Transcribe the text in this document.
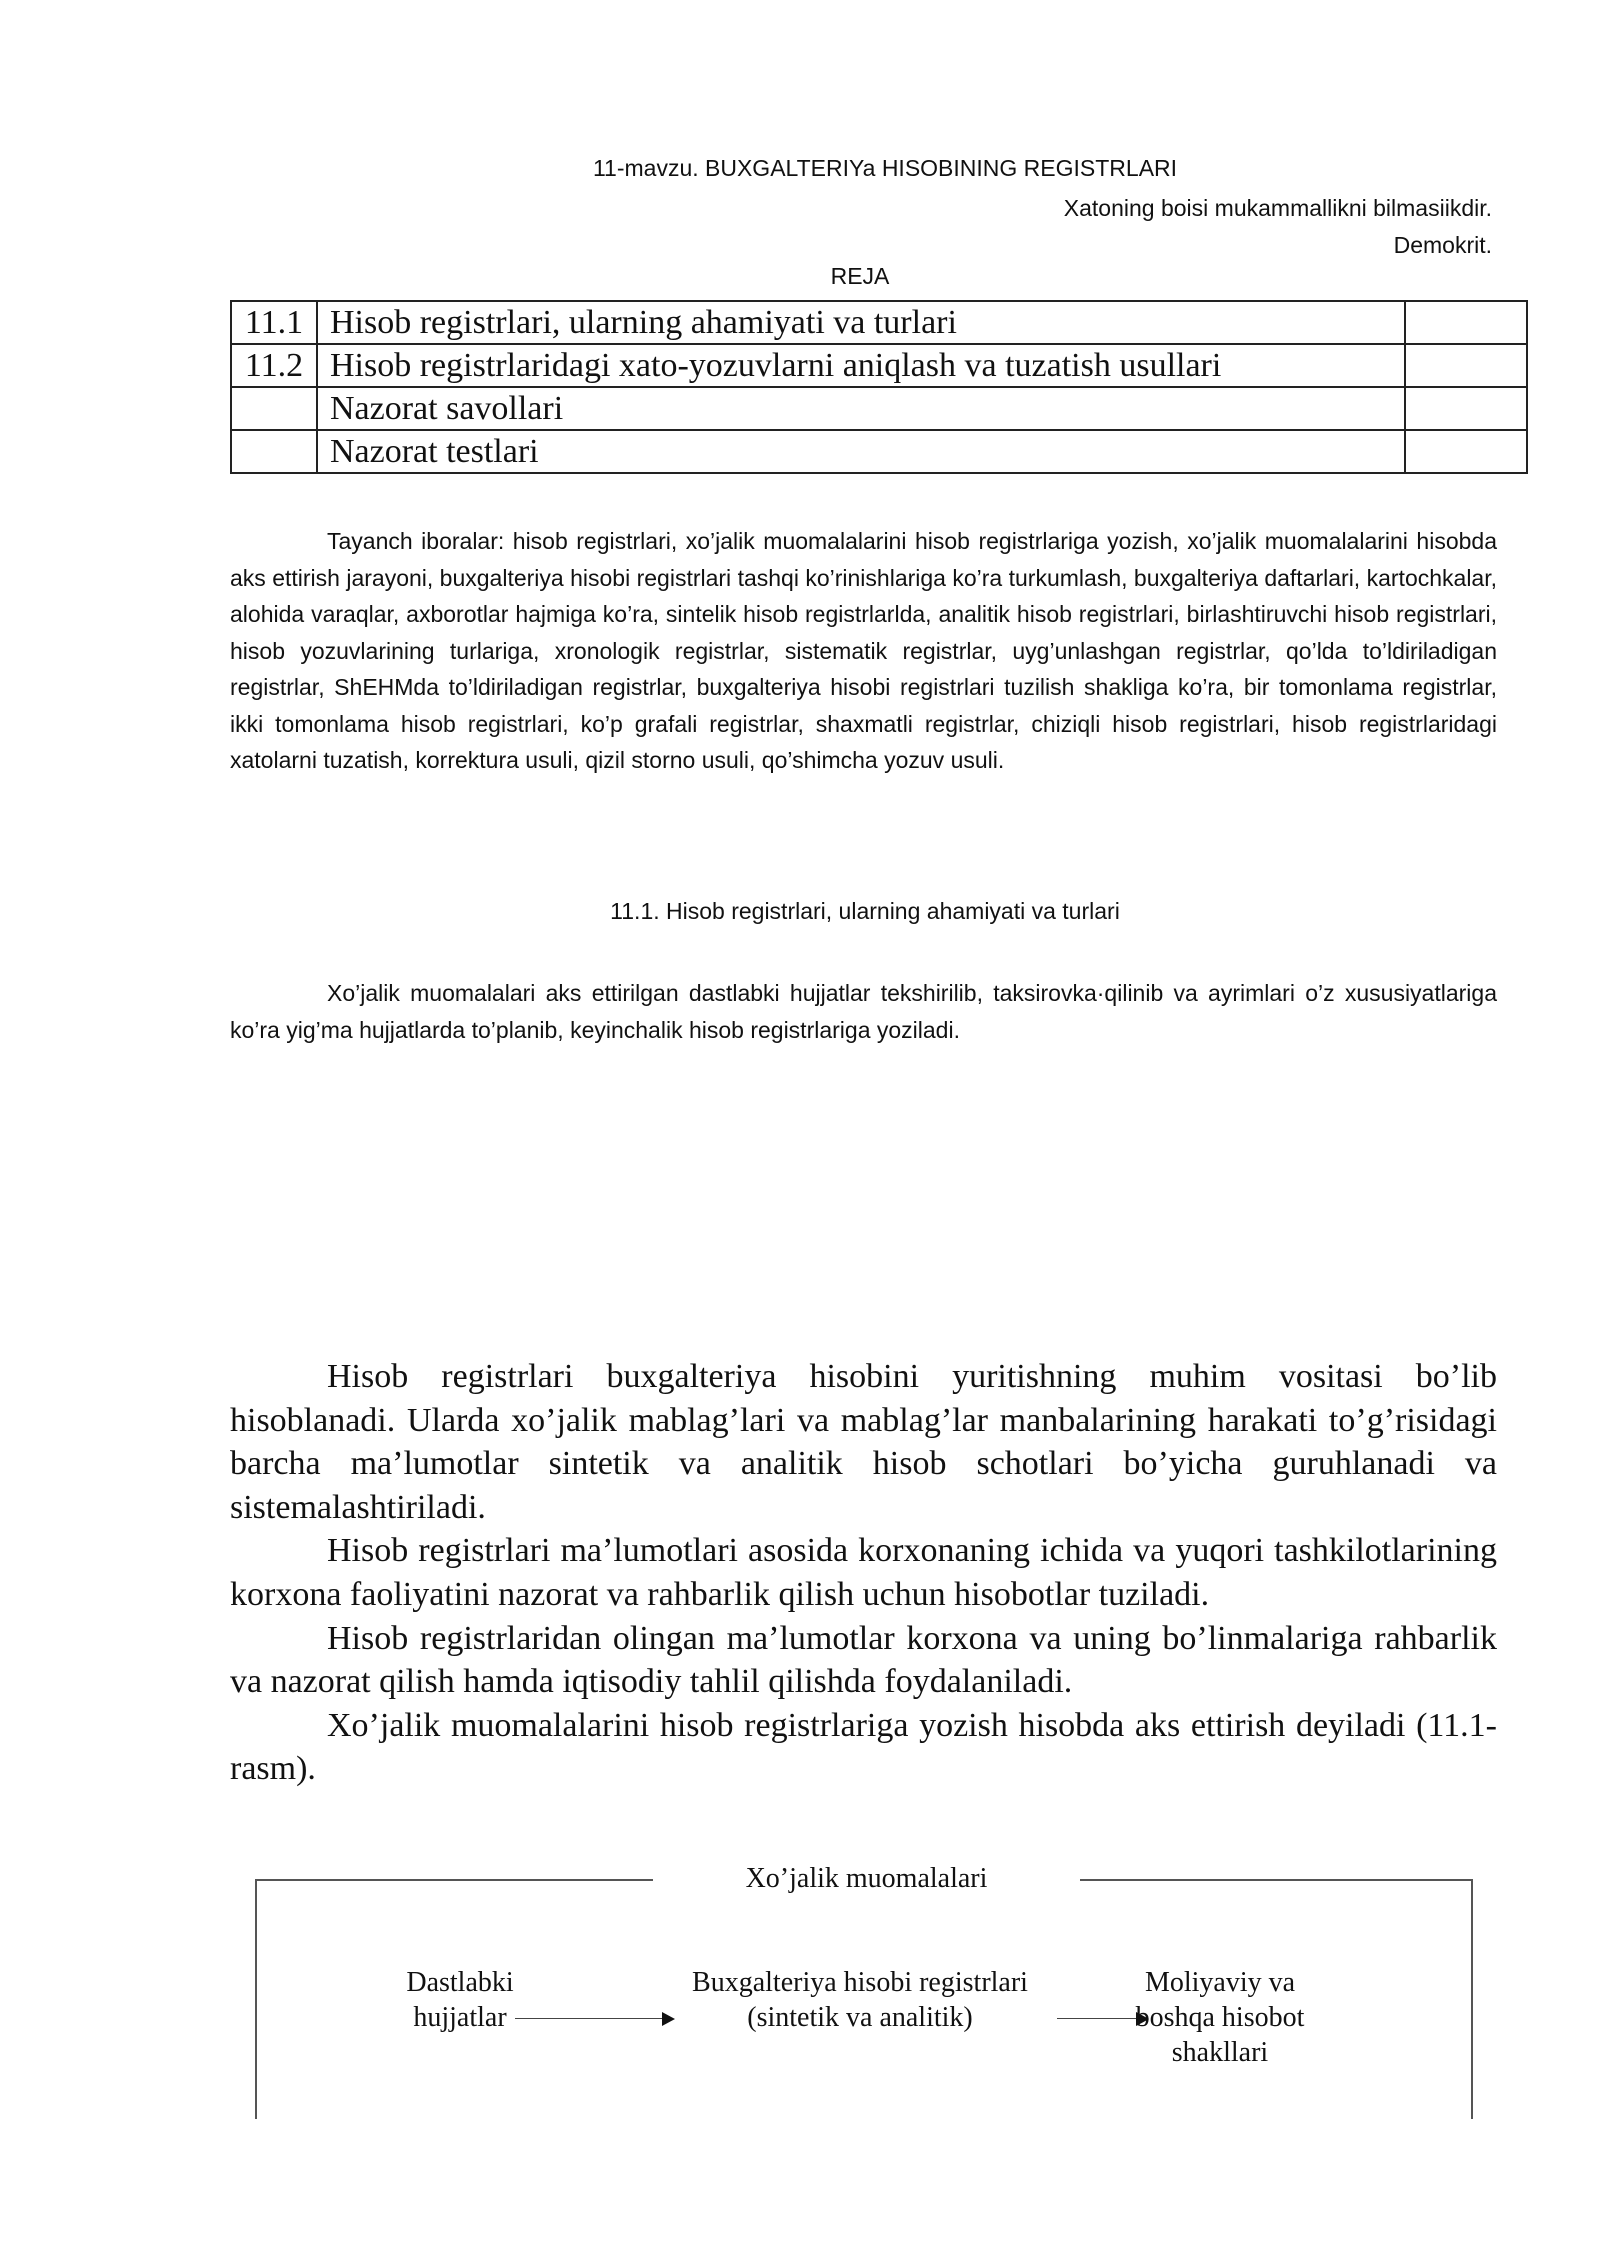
11-mavzu. BUXGALTERIYa HISOBINING REGISTRLARI
Xatoning boisi mukammallikni bilmasiikdir.
Demokrit.
REJA
11.1	Hisob registrlari, ularning ahamiyati va turlari	
11.2	Hisob registrlaridagi xato-yozuvlarni aniqlash va tuzatish usullari	
	Nazorat savollari	
	Nazorat testlari	
Tayanch iboralar: hisob registrlari, xo’jalik muomalalarini hisob registrlariga yozish, xo’jalik muomalalarini hisobda aks ettirish jarayoni, buxgalteriya hisobi registrlari tashqi ko’rinishlariga ko’ra turkumlash, buxgalteriya daftarlari, kartochkalar, alohida varaqlar, axborotlar hajmiga ko’ra, sintelik hisob registrlarlda, analitik hisob registrlari, birlashtiruvchi hisob registrlari, hisob yozuvlarining turlariga, xronologik registrlar, sistematik registrlar, uyg’unlashgan registrlar, qo’lda to’ldiriladigan registrlar, ShEHMda to’ldiriladigan registrlar, buxgalteriya hisobi registrlari tuzilish shakliga ko’ra, bir tomonlama registrlar, ikki tomonlama hisob registrlari, ko’p grafali registrlar, shaxmatli registrlar, chiziqli hisob registrlari, hisob registrlaridagi xatolarni tuzatish, korrektura usuli, qizil storno usuli, qo’shimcha yozuv usuli.
11.1. Hisob registrlari, ularning ahamiyati va turlari
Xo’jalik muomalalari aks ettirilgan dastlabki hujjatlar tekshirilib, taksirovka·qilinib va ayrimlari o’z xususiyatlariga ko’ra yig’ma hujjatlarda to’planib, keyinchalik hisob registrlariga yoziladi.

Hisob registrlari buxgalteriya hisobini yuritishning muhim vositasi bo’lib hisoblanadi. Ularda xo’jalik mablag’lari va mablag’lar manbalarining harakati to’g’risidagi barcha ma’lumotlar sintetik va analitik hisob schotlari bo’yicha guruhlanadi va sistemalashtiriladi.

Hisob registrlari ma’lumotlari asosida korxonaning ichida va yuqori tashkilotlarining korxona faoliyatini nazorat va rahbarlik qilish uchun hisobotlar tuziladi.

Hisob registrlaridan olingan ma’lumotlar korxona va uning bo’linmalariga rahbarlik va nazorat qilish hamda iqtisodiy tahlil qilishda foydalaniladi.

Xo’jalik muomalalarini hisob registrlariga yozish hisobda aks ettirish deyiladi (11.1-rasm).

Xo’jalik muomalalari
Dastlabki
hujjatlar
Buxgalteriya hisobi registrlari
(sintetik va analitik)
Moliyaviy va
boshqa hisobot
shakllari
